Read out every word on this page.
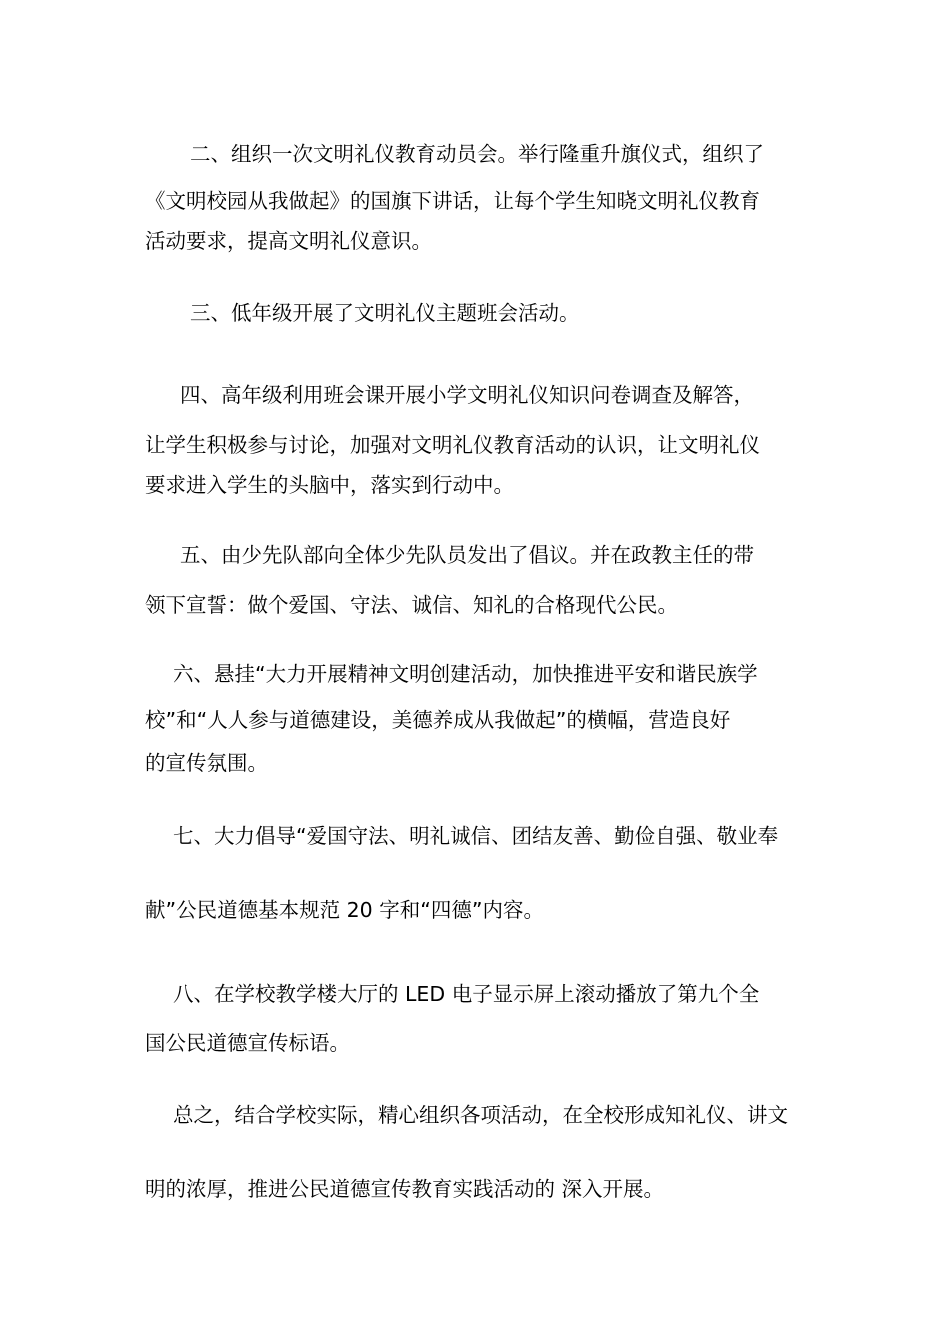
二、组织一次文明礼仪教育动员会。举行隆重升旗仪式，组织了
《文明校园从我做起》的国旗下讲话，让每个学生知晓文明礼仪教育
活动要求，提高文明礼仪意识。
三、低年级开展了文明礼仪主题班会活动。
四、高年级利用班会课开展小学文明礼仪知识问卷调查及解答，
让学生积极参与讨论，加强对文明礼仪教育活动的认识，让文明礼仪
要求进入学生的头脑中，落实到行动中。
五、由少先队部向全体少先队员发出了倡议。并在政教主任的带
领下宣誓：做个爱国、守法、诚信、知礼的合格现代公民。
六、悬挂“大力开展精神文明创建活动，加快推进平安和谐民族学
校”和“人人参与道德建设，美德养成从我做起”的横幅，营造良好
的宣传氛围。
七、大力倡导“爱国守法、明礼诚信、团结友善、勤俭自强、敬业奉
献”公民道德基本规范 20 字和“四德”内容。
八、在学校教学楼大厅的 LED 电子显示屏上滚动播放了第九个全
国公民道德宣传标语。
总之，结合学校实际，精心组织各项活动，在全校形成知礼仪、讲文
明的浓厚，推进公民道德宣传教育实践活动的 深入开展。
